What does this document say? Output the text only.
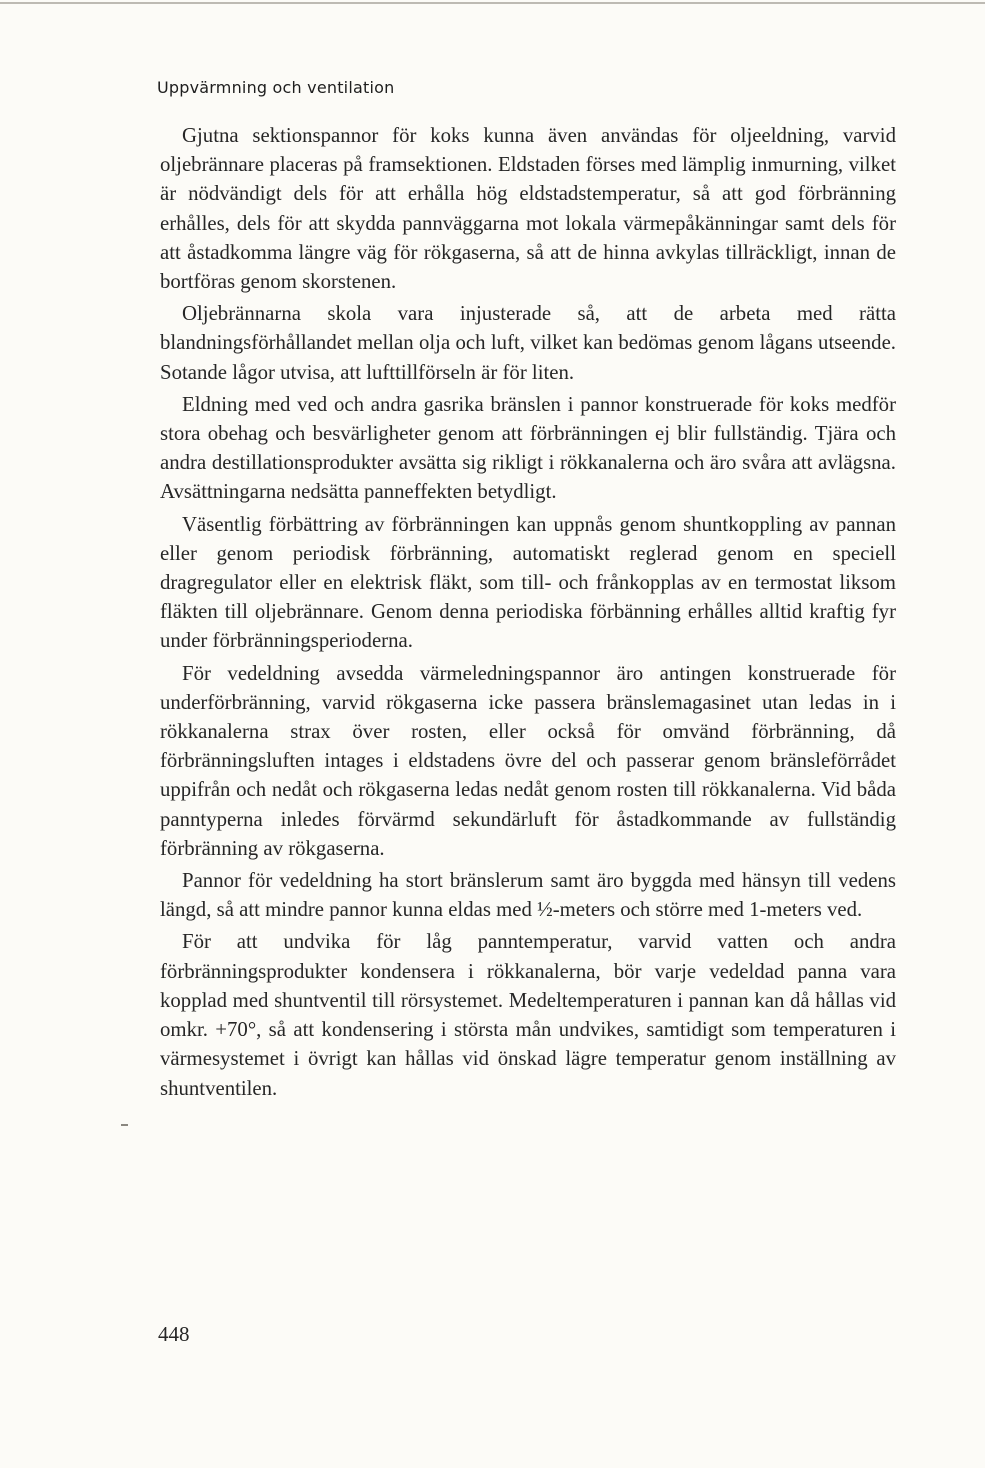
Uppvärmning och ventilation

Gjutna sektionspannor för koks kunna även användas för oljeeldning, varvid oljebrännare placeras på framsektionen. Eldstaden förses med lämplig inmurning, vilket är nödvändigt dels för att erhålla hög eldstadstemperatur, så att god förbränning erhålles, dels för att skydda pannväggarna mot lokala värmepåkänningar samt dels för att åstadkomma längre väg för rökgaserna, så att de hinna avkylas tillräckligt, innan de bortföras genom skorstenen.

Oljebrännarna skola vara injusterade så, att de arbeta med rätta blandningsförhållandet mellan olja och luft, vilket kan bedömas genom lågans utseende. Sotande lågor utvisa, att lufttillförseln är för liten.

Eldning med ved och andra gasrika bränslen i pannor konstruerade för koks medför stora obehag och besvärligheter genom att förbränningen ej blir fullständig. Tjära och andra destillationsprodukter avsätta sig rikligt i rökkanalerna och äro svåra att avlägsna. Avsättningarna nedsätta panneffekten betydligt.

Väsentlig förbättring av förbränningen kan uppnås genom shuntkoppling av pannan eller genom periodisk förbränning, automatiskt reglerad genom en speciell dragregulator eller en elektrisk fläkt, som till- och frånkopplas av en termostat liksom fläkten till oljebrännare. Genom denna periodiska förbänning erhålles alltid kraftig fyr under förbränningsperioderna.

För vedeldning avsedda värmeledningspannor äro antingen konstruerade för underförbränning, varvid rökgaserna icke passera bränslemagasinet utan ledas in i rökkanalerna strax över rosten, eller också för omvänd förbränning, då förbränningsluften intages i eldstadens övre del och passerar genom bränsleförrådet uppifrån och nedåt och rökgaserna ledas nedåt genom rosten till rökkanalerna. Vid båda panntyperna inledes förvärmd sekundärluft för åstadkommande av fullständig förbränning av rökgaserna.

Pannor för vedeldning ha stort bränslerum samt äro byggda med hänsyn till vedens längd, så att mindre pannor kunna eldas med ½-meters och större med 1-meters ved.

För att undvika för låg panntemperatur, varvid vatten och andra förbränningsprodukter kondensera i rökkanalerna, bör varje vedeldad panna vara kopplad med shuntventil till rörsystemet. Medeltemperaturen i pannan kan då hållas vid omkr. +70°, så att kondensering i största mån undvikes, samtidigt som temperaturen i värmesystemet i övrigt kan hållas vid önskad lägre temperatur genom inställning av shuntventilen.

448
